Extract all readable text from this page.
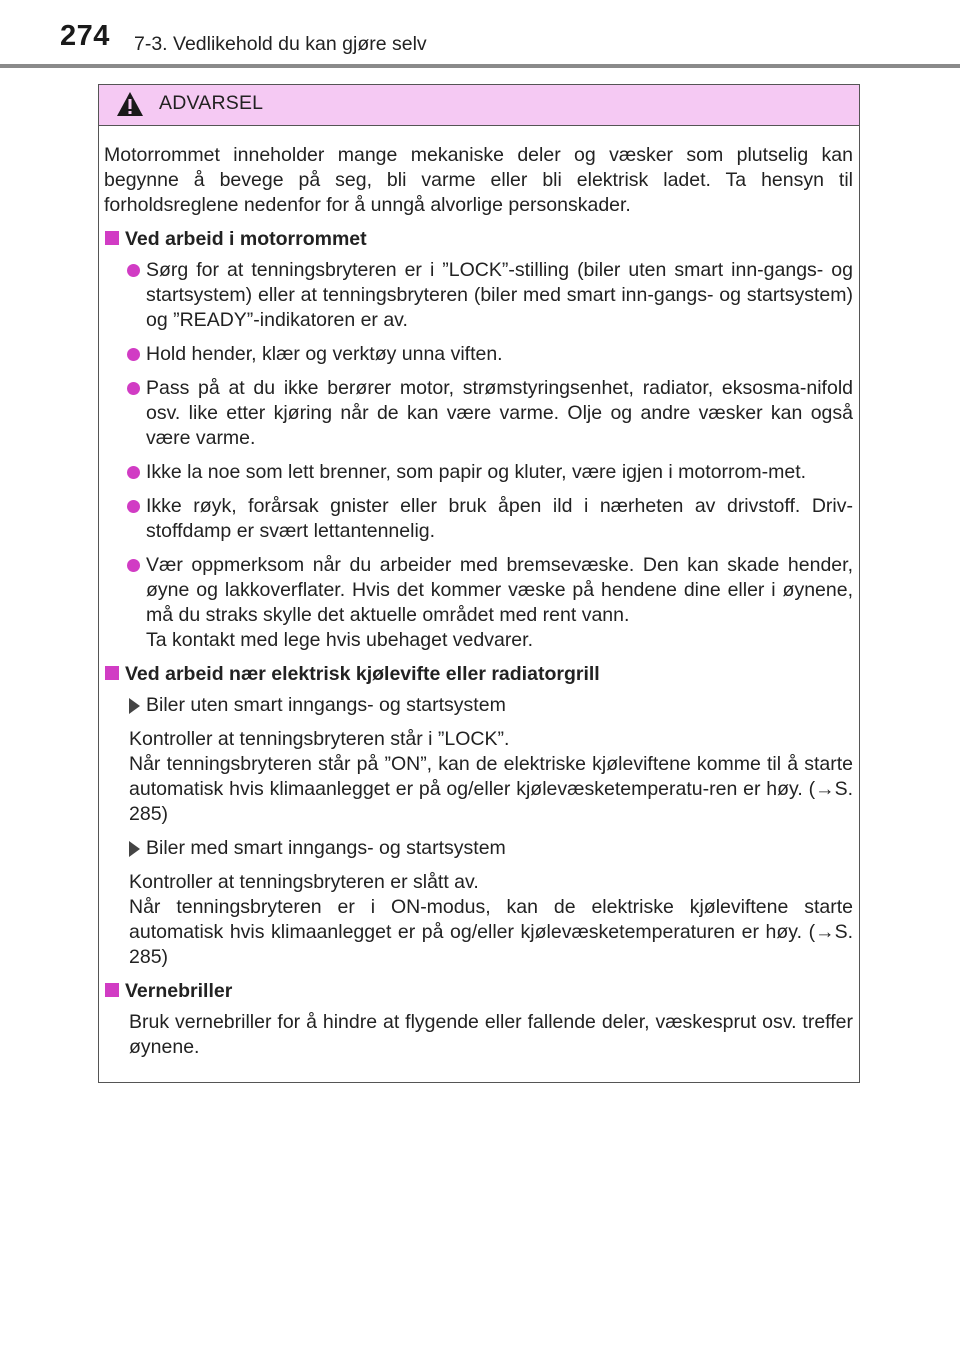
274 7-3. Vedlikehold du kan gjøre selv
ADVARSEL

Motorrommet inneholder mange mekaniske deler og væsker som plutselig kan begynne å bevege på seg, bli varme eller bli elektrisk ladet. Ta hensyn til forholdsreglene nedenfor for å unngå alvorlige personskader.

Ved arbeid i motorrommet
Sørg for at tenningsbryteren er i ”LOCK”-stilling (biler uten smart inn-gangs- og startsystem) eller at tenningsbryteren (biler med smart inn-gangs- og startsystem) og ”READY”-indikatoren er av.
Hold hender, klær og verktøy unna viften.
Pass på at du ikke berører motor, strømstyringsenhet, radiator, eksosma-nifold osv. like etter kjøring når de kan være varme. Olje og andre væsker kan også være varme.
Ikke la noe som lett brenner, som papir og kluter, være igjen i motorrom-met.
Ikke røyk, forårsak gnister eller bruk åpen ild i nærheten av drivstoff. Driv-stoffdamp er svært lettantennelig.
Vær oppmerksom når du arbeider med bremsevæske. Den kan skade hender, øyne og lakkoverflater. Hvis det kommer væske på hendene dine eller i øynene, må du straks skylle det aktuelle området med rent vann.
Ta kontakt med lege hvis ubehaget vedvarer.
Ved arbeid nær elektrisk kjølevifte eller radiatorgrill
Biler uten smart inngangs- og startsystem

Kontroller at tenningsbryteren står i ”LOCK”.

Når tenningsbryteren står på ”ON”, kan de elektriske kjøleviftene komme til å starte automatisk hvis klimaanlegget er på og/eller kjølevæsketemperatu-ren er høy. (→S. 285)

Biler med smart inngangs- og startsystem

Kontroller at tenningsbryteren er slått av.

Når tenningsbryteren er i ON-modus, kan de elektriske kjøleviftene starte automatisk hvis klimaanlegget er på og/eller kjølevæsketemperaturen er høy. (→S. 285)

Vernebriller

Bruk vernebriller for å hindre at flygende eller fallende deler, væskesprut osv. treffer øynene.
